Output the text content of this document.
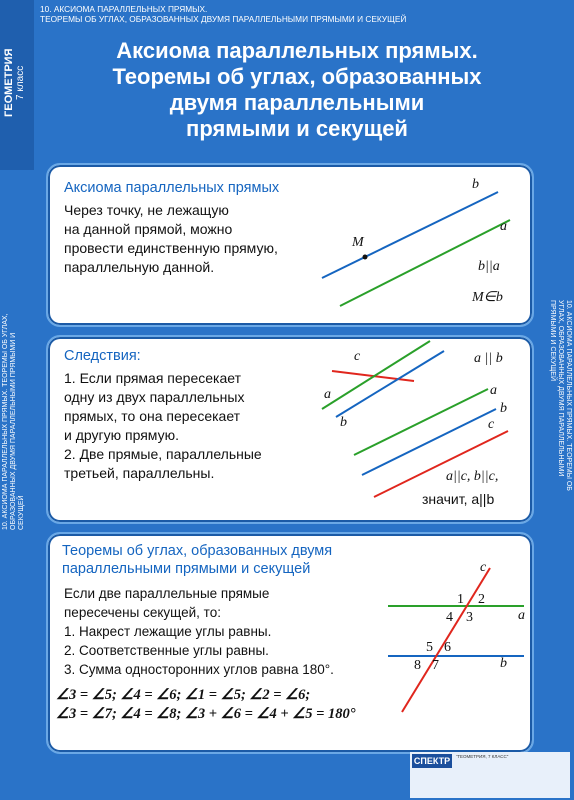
10. АКСИОМА ПАРАЛЛЕЛЬНЫХ ПРЯМЫХ.
ТЕОРЕМЫ ОБ УГЛАХ, ОБРАЗОВАННЫХ ДВУМЯ ПАРАЛЛЕЛЬНЫМИ ПРЯМЫМИ И СЕКУЩЕЙ
ГЕОМЕТРИЯ
7 класс
10. АКСИОМА ПАРАЛЛЕЛЬНЫХ ПРЯМЫХ. ТЕОРЕМЫ ОБ УГЛАХ, ОБРАЗОВАННЫХ ДВУМЯ ПАРАЛЛЕЛЬНЫМИ ПРЯМЫМИ И СЕКУЩЕЙ
10. АКСИОМА ПАРАЛЛЕЛЬНЫХ ПРЯМЫХ. ТЕОРЕМЫ ОБ УГЛАХ, ОБРАЗОВАННЫХ ДВУМЯ ПАРАЛЛЕЛЬНЫМИ ПРЯМЫМИ И СЕКУЩЕЙ
Аксиома параллельных прямых.
Теоремы об углах, образованных
двумя параллельными
прямыми и секущей
Аксиома параллельных прямых
Через точку, не лежащую
на данной прямой, можно
провести единственную прямую,
параллельную данной.
b
a
M
b||a
M∈b
Следствия:
1. Если прямая пересекает
одну из двух параллельных
прямых, то она пересекает
и другую прямую.
2. Две прямые, параллельные
третьей, параллельны.
c
a
b
a || b
a
b
c
a||c, b||c,
значит, a||b
Теоремы об углах, образованных двумя
параллельными прямыми и секущей
Если две параллельные прямые
пересечены секущей, то:
1. Накрест лежащие углы равны.
2. Соответственные углы равны.
3. Сумма односторонних углов равна 180°.
∠3 = ∠5; ∠4 = ∠6; ∠1 = ∠5; ∠2 = ∠6;
∠3 = ∠7; ∠4 = ∠8; ∠3 + ∠6 = ∠4 + ∠5 = 180°
c
a
b
1 2
4 3
5 6
8 7
СПЕКТР	"ГЕОМЕТРИЯ, 7 КЛАСС"
